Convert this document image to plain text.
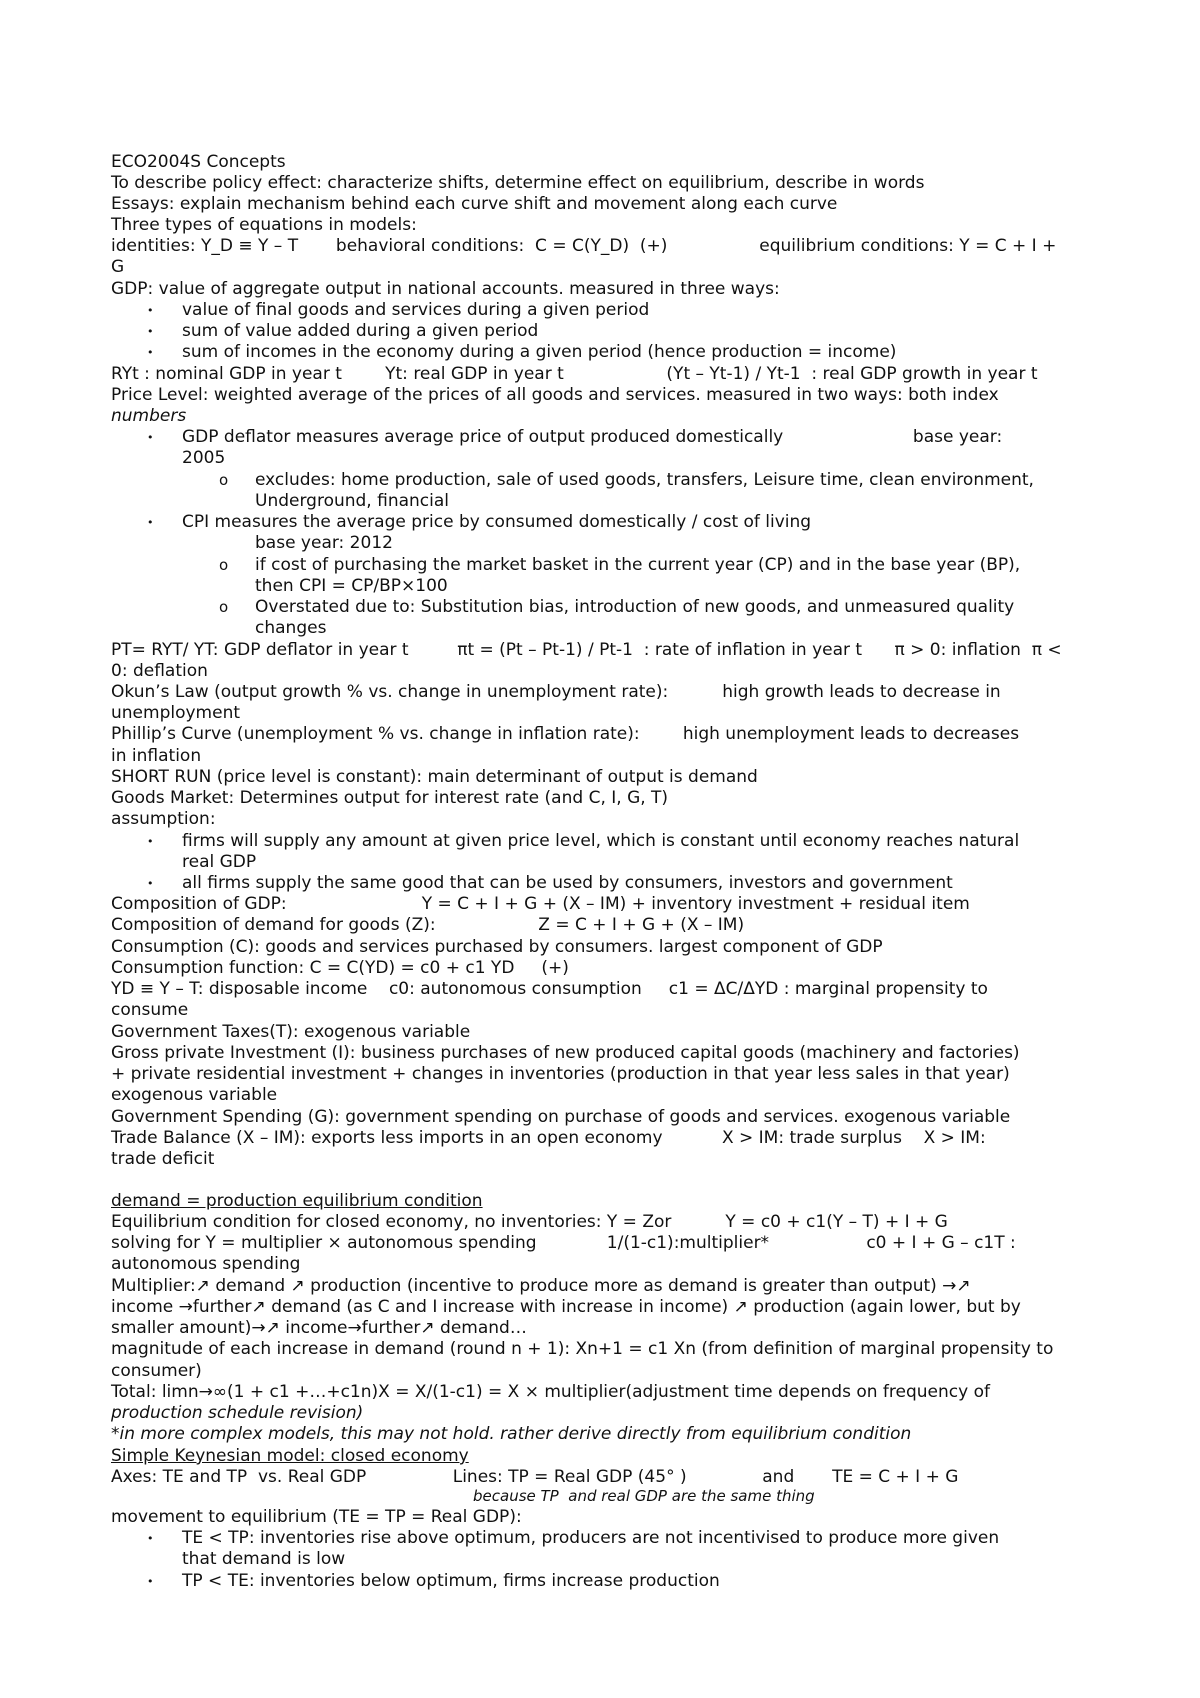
ECO2004S Concepts
To describe policy effect: characterize shifts, determine effect on equilibrium, describe in words
Essays: explain mechanism behind each curve shift and movement along each curve
Three types of equations in models:
identities: Y_D ≡ Y – T       behavioral conditions:  C = C(Y_D)  (+)                 equilibrium conditions: Y = C + I +
G
GDP: value of aggregate output in national accounts. measured in three ways:
value of final goods and services during a given period
•
sum of value added during a given period
•
sum of incomes in the economy during a given period (hence production = income)
•
RYt : nominal GDP in year t        Yt: real GDP in year t                   (Yt – Yt-1) / Yt-1  : real GDP growth in year t
Price Level: weighted average of the prices of all goods and services. measured in two ways: both index
numbers
GDP deflator measures average price of output produced domestically                        base year:
•
2005
excludes: home production, sale of used goods, transfers, Leisure time, clean environment,
o
Underground, financial
CPI measures the average price by consumed domestically / cost of living
•
base year: 2012
if cost of purchasing the market basket in the current year (CP) and in the base year (BP),
o
then CPI = CP/BP×100
Overstated due to: Substitution bias, introduction of new goods, and unmeasured quality
o
changes
PT= RYT/ YT: GDP deflator in year t         πt = (Pt – Pt-1) / Pt-1  : rate of inflation in year t      π > 0: inflation  π <
0: deflation
Okun’s Law (output growth % vs. change in unemployment rate):          high growth leads to decrease in
unemployment
Phillip’s Curve (unemployment % vs. change in inflation rate):        high unemployment leads to decreases
in inflation
SHORT RUN (price level is constant): main determinant of output is demand
Goods Market: Determines output for interest rate (and C, I, G, T)
assumption:
firms will supply any amount at given price level, which is constant until economy reaches natural
•
real GDP
all firms supply the same good that can be used by consumers, investors and government
•
Composition of GDP:                         Y = C + I + G + (X – IM) + inventory investment + residual item
Composition of demand for goods (Z):                   Z = C + I + G + (X – IM)
Consumption (C): goods and services purchased by consumers. largest component of GDP
Consumption function: C = C(YD) = c0 + c1 YD     (+)
YD ≡ Y – T: disposable income    c0: autonomous consumption     c1 = ΔC/ΔYD : marginal propensity to
consume
Government Taxes(T): exogenous variable
Gross private Investment (I): business purchases of new produced capital goods (machinery and factories)
+ private residential investment + changes in inventories (production in that year less sales in that year)
exogenous variable
Government Spending (G): government spending on purchase of goods and services. exogenous variable
Trade Balance (X – IM): exports less imports in an open economy           X > IM: trade surplus    X > IM:
trade deficit
demand = production equilibrium condition
Equilibrium condition for closed economy, no inventories: Y = Zor          Y = c0 + c1(Y – T) + I + G
solving for Y = multiplier × autonomous spending             1/(1-c1):multiplier*                  c0 + I + G – c1T :
autonomous spending
Multiplier:↗ demand ↗ production (incentive to produce more as demand is greater than output) →↗
income →further↗ demand (as C and I increase with increase in income) ↗ production (again lower, but by
smaller amount)→↗ income→further↗ demand…
magnitude of each increase in demand (round n + 1): Xn+1 = c1 Xn (from definition of marginal propensity to
consumer)
Total: limn→∞(1 + c1 +…+c1n)X = X/(1-c1) = X × multiplier(adjustment time depends on frequency of
production schedule revision)
*in more complex models, this may not hold. rather derive directly from equilibrium condition
Simple Keynesian model: closed economy
Axes: TE and TP  vs. Real GDP                Lines: TP = Real GDP (45° )              and       TE = C + I + G
because TP  and real GDP are the same thing
movement to equilibrium (TE = TP = Real GDP):
TE < TP: inventories rise above optimum, producers are not incentivised to produce more given
•
that demand is low
TP < TE: inventories below optimum, firms increase production
•
